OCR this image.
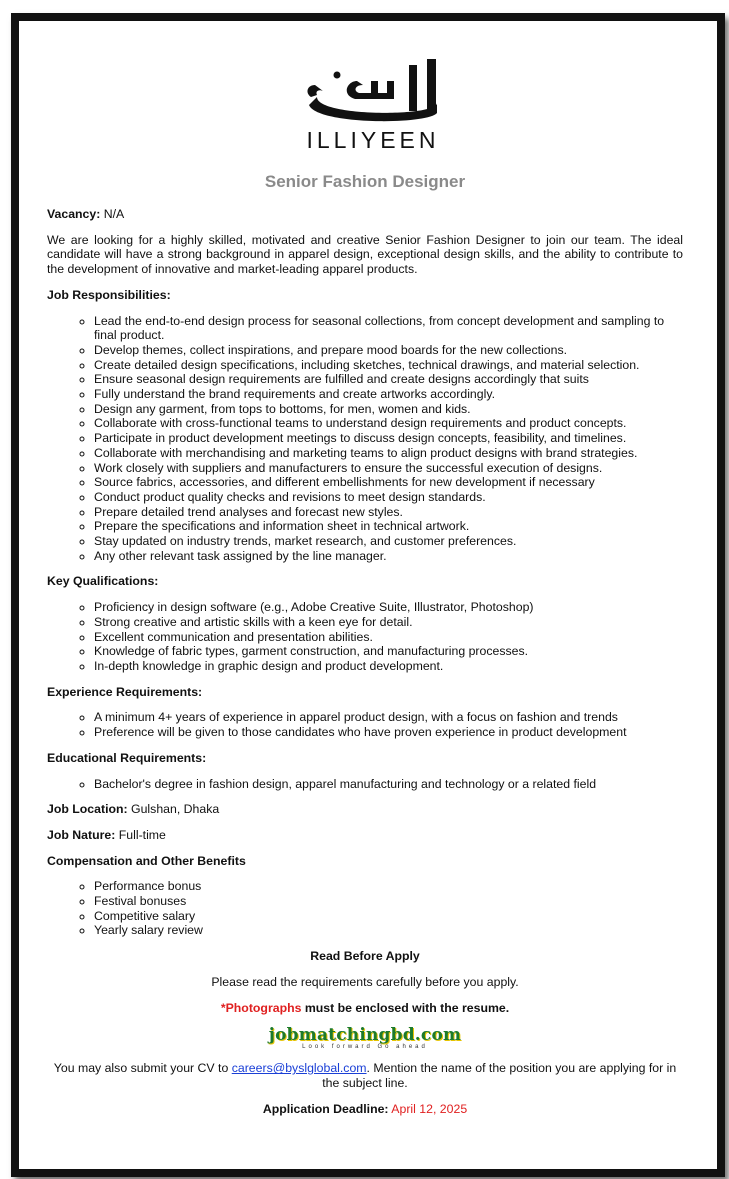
ILLIYEEN
Senior Fashion Designer

Vacancy: N/A

We are looking for a highly skilled, motivated and creative Senior Fashion Designer to join our team. The ideal candidate will have a strong background in apparel design, exceptional design skills, and the ability to contribute to the development of innovative and market-leading apparel products.

Job Responsibilities:

◦ Lead the end-to-end design process for seasonal collections, from concept development and sampling to final product.
◦ Develop themes, collect inspirations, and prepare mood boards for the new collections.
◦ Create detailed design specifications, including sketches, technical drawings, and material selection.
◦ Ensure seasonal design requirements are fulfilled and create designs accordingly that suits
◦ Fully understand the brand requirements and create artworks accordingly.
◦ Design any garment, from tops to bottoms, for men, women and kids.
◦ Collaborate with cross-functional teams to understand design requirements and product concepts.
◦ Participate in product development meetings to discuss design concepts, feasibility, and timelines.
◦ Collaborate with merchandising and marketing teams to align product designs with brand strategies.
◦ Work closely with suppliers and manufacturers to ensure the successful execution of designs.
◦ Source fabrics, accessories, and different embellishments for new development if necessary
◦ Conduct product quality checks and revisions to meet design standards.
◦ Prepare detailed trend analyses and forecast new styles.
◦ Prepare the specifications and information sheet in technical artwork.
◦ Stay updated on industry trends, market research, and customer preferences.
◦ Any other relevant task assigned by the line manager.

Key Qualifications:

◦ Proficiency in design software (e.g., Adobe Creative Suite, Illustrator, Photoshop)
◦ Strong creative and artistic skills with a keen eye for detail.
◦ Excellent communication and presentation abilities.
◦ Knowledge of fabric types, garment construction, and manufacturing processes.
◦ In-depth knowledge in graphic design and product development.

Experience Requirements:

◦ A minimum 4+ years of experience in apparel product design, with a focus on fashion and trends
◦ Preference will be given to those candidates who have proven experience in product development

Educational Requirements:

◦ Bachelor's degree in fashion design, apparel manufacturing and technology or a related field

Job Location: Gulshan, Dhaka

Job Nature: Full-time

Compensation and Other Benefits

◦ Performance bonus
◦ Festival bonuses
◦ Competitive salary
◦ Yearly salary review

Read Before Apply

Please read the requirements carefully before you apply.

*Photographs must be enclosed with the resume.

jobmatchingbd.com
Look forward Go ahead

You may also submit your CV to careers@byslglobal.com. Mention the name of the position you are applying for in the subject line.

Application Deadline: April 12, 2025
